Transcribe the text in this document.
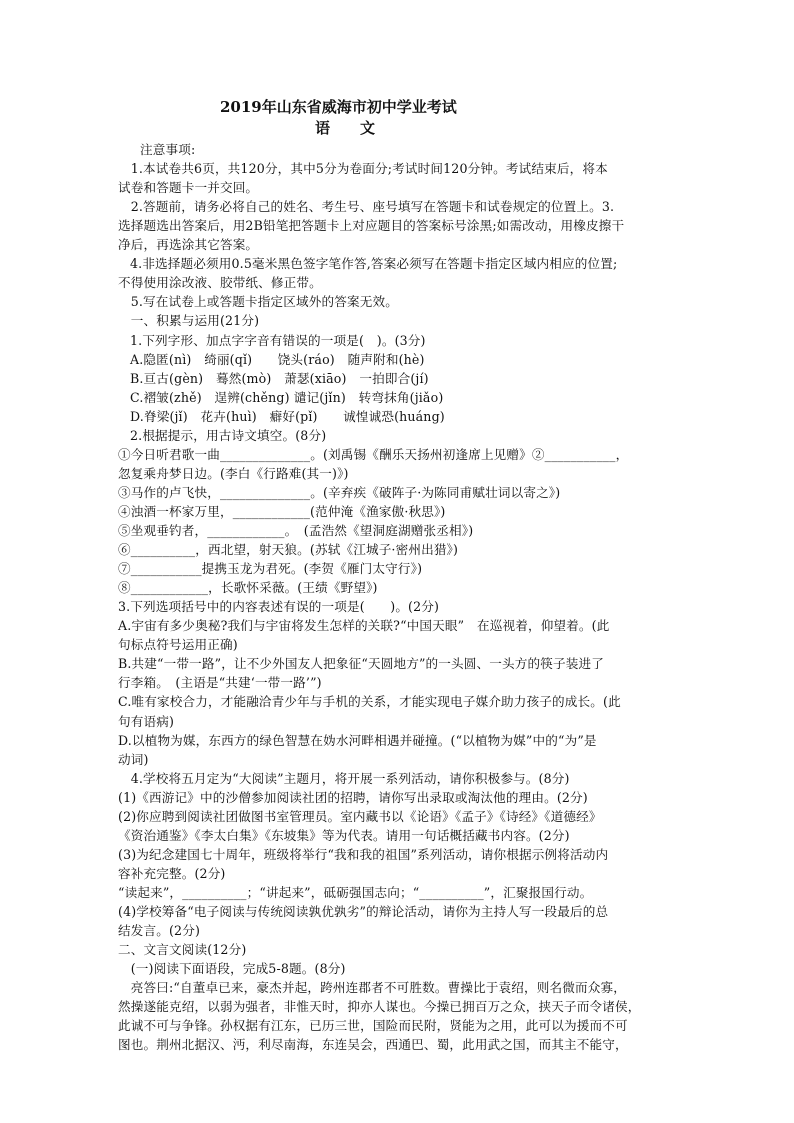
2019年山东省威海市初中学业考试
语　　文
注意事项:
　1.本试卷共6页，共120分，其中5分为卷面分;考试时间120分钟。考试结束后，将本
试卷和答题卡一并交回。
　2.答题前，请务必将自己的姓名、考生号、座号填写在答题卡和试卷规定的位置上。3.
选择题选出答案后，用2B铅笔把答题卡上对应题目的答案标号涂黑;如需改动，用橡皮擦干
净后，再选涂其它答案。
4.非选择题必须用0.5毫米黑色签字笔作答,答案必须写在答题卡指定区域内相应的位置;
不得使用涂改液、胶带纸、修正带。
　5.写在试卷上或答题卡指定区域外的答案无效。
　一、积累与运用(21分)
1.下列字形、加点字字音有错误的一项是(　)。(3分)
A.隐匿(nì)　绮丽(qǐ)　　饶头(ráo)　随声附和(hè)
B.亘古(gèn)　蓦然(mò)　萧瑟(xiāo)　一拍即合(jí)
C.褶皱(zhě)　逞辨(chěng) 谴记(jǐn)　转弯抹角(jiǎo)
D.脊梁(jǐ)　花卉(huì)　癖好(pǐ)　　诚惶诚恐(huáng)
2.根据提示，用古诗文填空。(8分)
①今日听君歌一曲______________。(刘禹锡《酬乐天扬州初逢席上见赠》②___________，
忽复乘舟梦日边。(李白《行路难(其一)》)
③马作的卢飞快，______________。(辛弃疾《破阵子·为陈同甫赋壮词以寄之》)
④浊酒一杯家万里，____________(范仲淹《渔家傲·秋思》)
⑤坐观垂钓者，____________。　(孟浩然《望洞庭湖赠张丞相》)
⑥__________，西北望，射天狼。(苏轼《江城子·密州出猎》)
⑦___________提携玉龙为君死。(李贺《雁门太守行》)
⑧____________，长歌怀采薇。(王绩《野望》)
3.下列选项括号中的内容表述有误的一项是(　　)。(2分)
A.宇宙有多少奥秘?我们与宇宙将发生怎样的关联?“中国天眼”　在巡视着，仰望着。(此
句标点符号运用正确)
B.共建“一带一路”，让不少外国友人把象征“天圆地方”的一头圆、一头方的筷子装进了
行李箱。　(主语是“共建‘一带一路’”)
C.唯有家校合力，才能融洽青少年与手机的关系，才能实现电子媒介助力孩子的成长。(此
句有语病)
D.以植物为媒，东西方的绿色智慧在妫水河畔相遇并碰撞。(“以植物为媒”中的“为”是
动词)
　4.学校将五月定为“大阅读”主题月，将开展一系列活动，请你积极参与。(8分)
(1)《西游记》中的沙僧参加阅读社团的招聘，请你写出录取或淘汰他的理由。(2分)
(2)你应聘到阅读社团做图书室管理员。室内藏书以《论语》《孟子》《诗经》《道德经》
《资治通鉴》《李太白集》《东坡集》等为代表。请用一句话概括藏书内容。(2分)
(3)为纪念建国七十周年，班级将举行“我和我的祖国”系列活动，请你根据示例将活动内
容补充完整。(2分)
“读起来”，__________；“讲起来”，砥砺强国志向；“__________”，汇聚报国行动。
(4)学校筹备“电子阅读与传统阅读孰优孰劣”的辩论活动，请你为主持人写一段最后的总
结发言。(2分)
二、文言文阅读(12分)
　(一)阅读下面语段，完成5-8题。(8分)
　亮答曰:“自董卓已来，豪杰并起，跨州连郡者不可胜数。曹操比于袁绍，则名微而众寡，
然操遂能克绍，以弱为强者，非惟天时，抑亦人谋也。今操已拥百万之众，挟天子而令诸侯，
此诚不可与争锋。孙权据有江东，已历三世，国险而民附，贤能为之用，此可以为援而不可
图也。荆州北据汉、沔，利尽南海，东连吴会，西通巴、蜀，此用武之国，而其主不能守，
